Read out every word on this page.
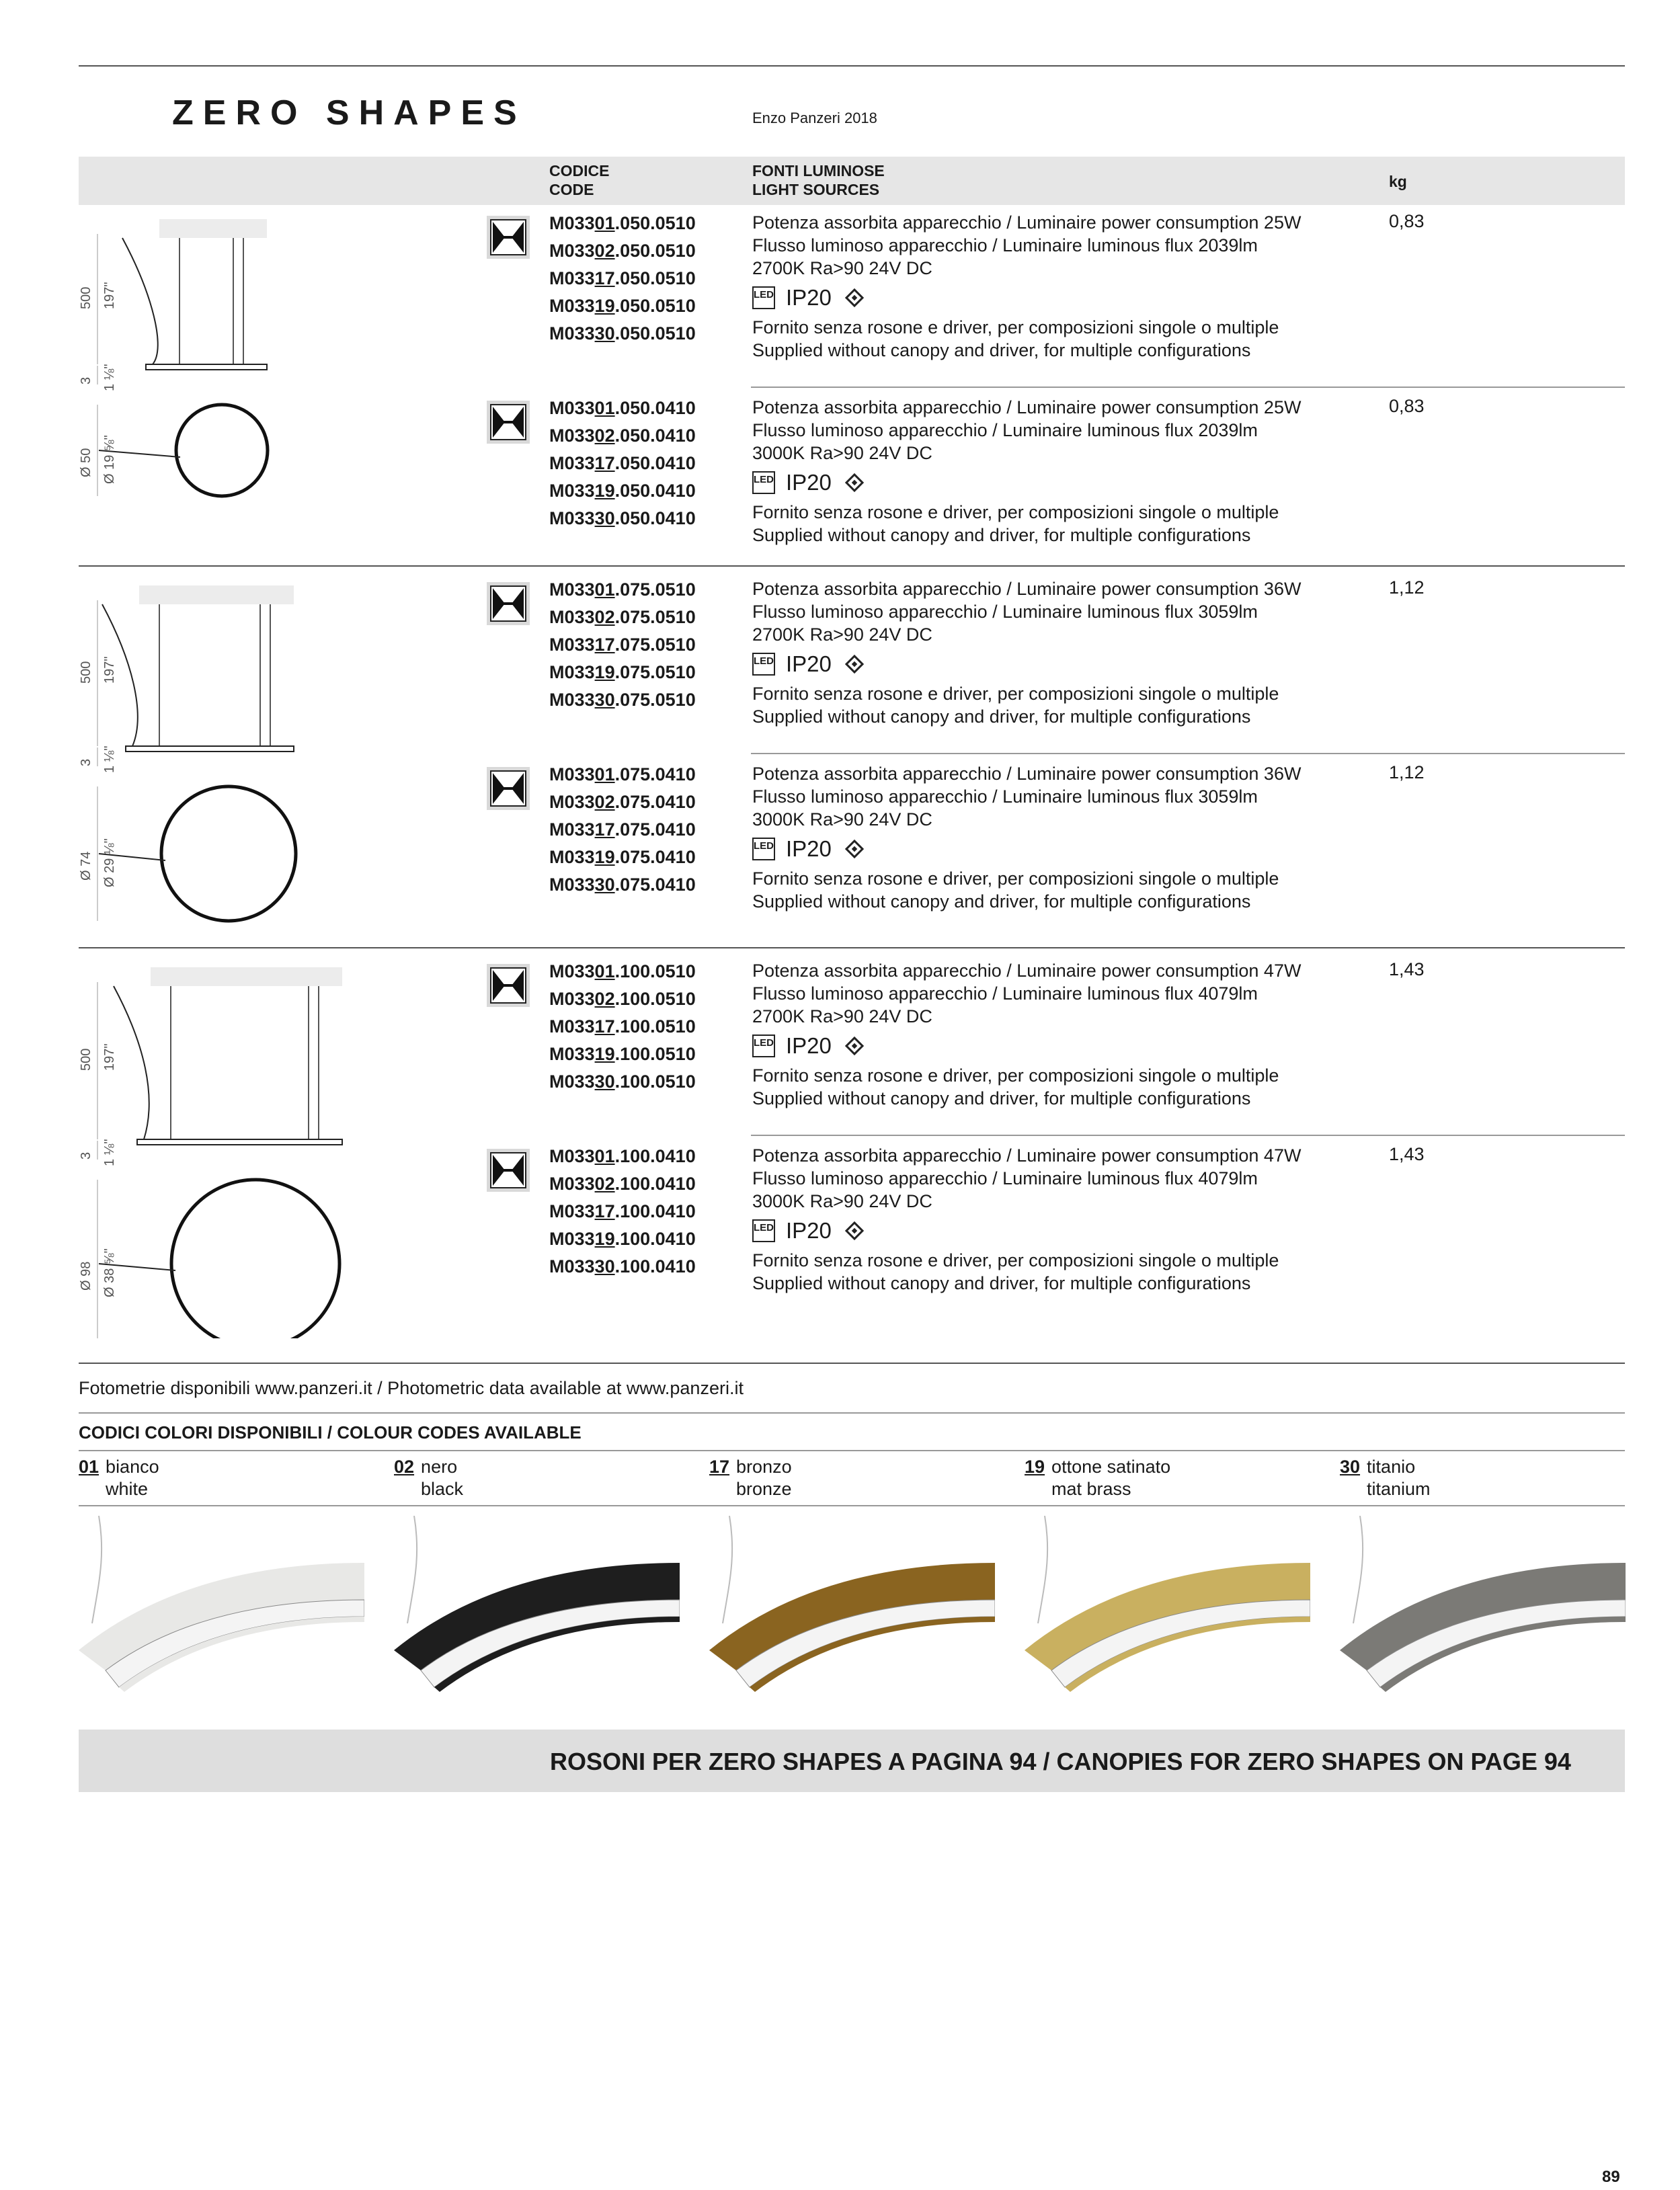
ZERO SHAPES	Enzo Panzeri 2018
CODICE
CODE
FONTI LUMINOSE
LIGHT SOURCES	kg
500 197"
3 1 ⅛"
Ø 50 Ø 19 ⅝"
M03301.050.0510
M03302.050.0510
M03317.050.0510
M03319.050.0510
M03330.050.0510
Potenza assorbita apparecchio / Luminaire power consumption 25W
Flusso luminoso apparecchio / Luminaire luminous flux 2039lm
2700K Ra>90 24V DC
LED IP20
Fornito senza rosone e driver, per composizioni singole o multiple
Supplied without canopy and driver, for multiple configurations
0,83
M03301.050.0410
M03302.050.0410
M03317.050.0410
M03319.050.0410
M03330.050.0410
Potenza assorbita apparecchio / Luminaire power consumption 25W
Flusso luminoso apparecchio / Luminaire luminous flux 2039lm
3000K Ra>90 24V DC
LED IP20
Fornito senza rosone e driver, per composizioni singole o multiple
Supplied without canopy and driver, for multiple configurations
0,83
500 197"
3 1 ⅛"
Ø 74 Ø 29 ⅛"
M03301.075.0510
M03302.075.0510
M03317.075.0510
M03319.075.0510
M03330.075.0510
Potenza assorbita apparecchio / Luminaire power consumption 36W
Flusso luminoso apparecchio / Luminaire luminous flux 3059lm
2700K Ra>90 24V DC
LED IP20
Fornito senza rosone e driver, per composizioni singole o multiple
Supplied without canopy and driver, for multiple configurations
1,12
M03301.075.0410
M03302.075.0410
M03317.075.0410
M03319.075.0410
M03330.075.0410
Potenza assorbita apparecchio / Luminaire power consumption 36W
Flusso luminoso apparecchio / Luminaire luminous flux 3059lm
3000K Ra>90 24V DC
LED IP20
Fornito senza rosone e driver, per composizioni singole o multiple
Supplied without canopy and driver, for multiple configurations
1,12
500 197"
3 1 ⅛"
Ø 98 Ø 38 ⅝"
M03301.100.0510
M03302.100.0510
M03317.100.0510
M03319.100.0510
M03330.100.0510
Potenza assorbita apparecchio / Luminaire power consumption 47W
Flusso luminoso apparecchio / Luminaire luminous flux 4079lm
2700K Ra>90 24V DC
LED IP20
Fornito senza rosone e driver, per composizioni singole o multiple
Supplied without canopy and driver, for multiple configurations
1,43
M03301.100.0410
M03302.100.0410
M03317.100.0410
M03319.100.0410
M03330.100.0410
Potenza assorbita apparecchio / Luminaire power consumption 47W
Flusso luminoso apparecchio / Luminaire luminous flux 4079lm
3000K Ra>90 24V DC
LED IP20
Fornito senza rosone e driver, per composizioni singole o multiple
Supplied without canopy and driver, for multiple configurations
1,43
Fotometrie disponibili www.panzeri.it / Photometric data available at www.panzeri.it
CODICI COLORI DISPONIBILI / COLOUR CODES AVAILABLE
01 bianco
white
02 nero
black
17 bronzo
bronze
19 ottone satinato
mat brass
30 titanio
titanium
ROSONI PER ZERO SHAPES A PAGINA 94 / CANOPIES FOR ZERO SHAPES ON PAGE 94
89
